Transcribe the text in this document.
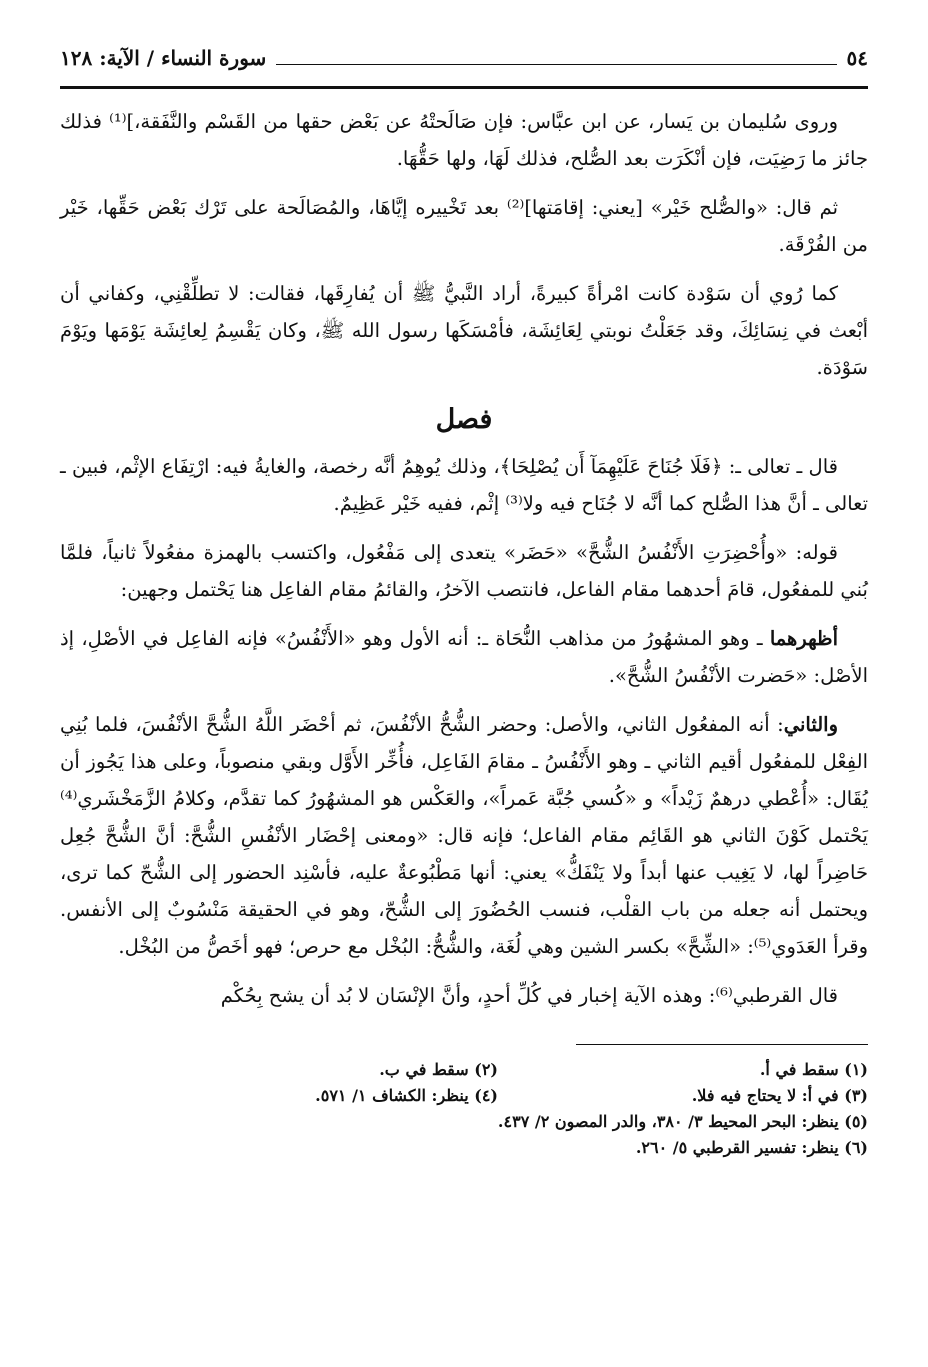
٥٤
سورة النساء / الآية: ١٢٨

وروى سُليمان بن يَسار، عن ابن عبَّاس: فإن صَالَحتْهُ عن بَعْض حقها من القَسْم والنَّفَقة،]⁽¹⁾ فذلك جائز ما رَضِيَت، فإن أنْكَرَت بعد الصُّلح، فذلك لَهَا، ولها حَقُّهَا.

ثم قال: «والصُّلح خَيْر» [يعني: إقامَتها]⁽²⁾ بعد تَخْييره إيَّاهَا، والمُصَالَحة على تَرْك بَعْض حَقِّها، خَيْر من الفُرْقَة.

كما رُوي أن سَوْدة كانت امْرأةً كبيرةً، أراد النَّبيُّ ﷺ أن يُفارِقَها، فقالت: لا تطلِّقْنِي، وكفاني أن أبْعث في نِسَائِكَ، وقد جَعَلْتُ نوبتي لِعَائِشَة، فأمْسَكَها رسول الله ﷺ، وكان يَقْسِمُ لِعائِشَة يَوْمَها ويَوْمَ سَوْدَة.

فصل

قال ـ تعالى ـ: ﴿فَلَا جُنَاحَ عَلَيْهِمَآ أَن يُصْلِحَا﴾، وذلك يُوهِمُ أنَّه رخصة، والغايةُ فيه: ارْتِفَاع الإثْم، فبين ـ تعالى ـ أنَّ هذا الصُّلح كما أنَّه لا جُنَاح فيه ولا⁽³⁾ إثْم، ففيه خَيْر عَظِيمٌ.

قوله: «وأُحْضِرَتِ الأَنْفُسُ الشُّحَّ» «حَضَر» يتعدى إلى مَفْعُول، واكتسب بالهمزة مفعُولاً ثانياً، فلمَّا بُني للمفعُول، قامَ أحدهما مقام الفاعل، فانتصب الآخرُ، والقائمُ مقام الفاعِل هنا يَحْتمل وجهين:

أظهرهما ـ وهو المشهُورُ من مذاهب النُّحَاة ـ: أنه الأول وهو «الأَنْفُسُ» فإنه الفاعِل في الأصْلِ، إذ الأصْل: «حَضرت الأنْفُسُ الشُّحَّ».

والثاني: أنه المفعُول الثاني، والأصل: وحضر الشُّحُّ الأنْفُسَ، ثم أحْضَر اللَّهُ الشُّحَّ الأنْفُسَ، فلما بُنِي الفِعْل للمفعُول أقيم الثاني ـ وهو الأَنْفُسُ ـ مقامَ الفَاعِل، فأُخِّر الأَوَّل وبقي منصوباً، وعلى هذا يَجُوز أن يُقَال: «أُعْطي درهمٌ زَيْداً» و «كُسي جُبَّة عَمراً»، والعَكْس هو المشهُورُ كما تقدَّم، وكلامُ الزَّمَخْشَري⁽⁴⁾ يَحْتمل كَوْنَ الثاني هو القَائِم مقام الفاعل؛ فإنه قال: «ومعنى إحْضَار الأنْفُسِ الشُّحَّ: أنَّ الشُّحَّ جُعِل حَاضِراً لها، لا يَغِيب عنها أبداً ولا يَنْفَكُّ» يعني: أنها مَطْبُوعةٌ عليه، فأسْنِد الحضور إلى الشُّحّ كما ترى، ويحتمل أنه جعله من باب القلْب، فنسب الحُضُورَ إلى الشُّحّ، وهو في الحقيقة مَنْسُوبٌ إلى الأنفس. وقرأ العَدَوي⁽⁵⁾: «الشِّحَّ» بكسر الشين وهي لُغَة، والشُّحُّ: البُخْل مع حرص؛ فهو أخَصُّ من البُخْل.

قال القرطبي⁽⁶⁾: وهذه الآية إخبار في كُلِّ أحدٍ، وأنَّ الإنْسَان لا بُد أن يشح بِحُكْم

(١) سقط في أ.
(٢) سقط في ب.
(٣) في أ: لا يحتاج فيه فلا.
(٤) ينظر: الكشاف ١/ ٥٧١.
(٥) ينظر: البحر المحيط ٣/ ٣٨٠، والدر المصون ٢/ ٤٣٧.
(٦) ينظر: تفسير القرطبي ٥/ ٢٦٠.
